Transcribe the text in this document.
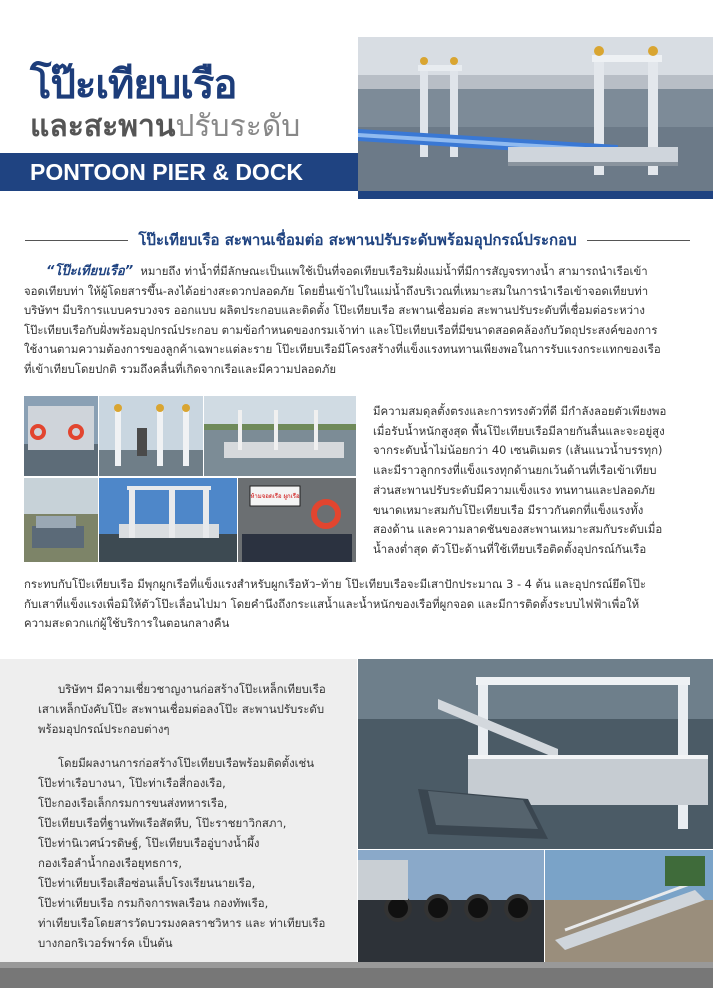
โป๊ะเทียบเรือ
และสะพานปรับระดับ
PONTOON PIER & DOCK LEVELER
โป๊ะเทียบเรือ สะพานเชื่อมต่อ สะพานปรับระดับพร้อมอุปกรณ์ประกอบ
“โป๊ะเทียบเรือ” หมายถึง ท่าน้ำที่มีลักษณะเป็นแพใช้เป็นที่จอดเทียบเรือริมฝั่งแม่น้ำที่มีการสัญจรทางน้ำ สามารถนำเรือเข้า
จอดเทียบท่า ให้ผู้โดยสารขึ้น-ลงได้อย่างสะดวกปลอดภัย โดยยื่นเข้าไปในแม่น้ำถึงบริเวณที่เหมาะสมในการนำเรือเข้าจอดเทียบท่า
บริษัทฯ มีบริการแบบครบวงจร ออกแบบ ผลิตประกอบและติดตั้ง โป๊ะเทียบเรือ สะพานเชื่อมต่อ สะพานปรับระดับที่เชื่อมต่อระหว่าง
โป๊ะเทียบเรือกับฝั่งพร้อมอุปกรณ์ประกอบ ตามข้อกำหนดของกรมเจ้าท่า และโป๊ะเทียบเรือที่มีขนาดสอดคล้องกับวัตถุประสงค์ของการ
ใช้งานตามความต้องการของลูกค้าเฉพาะแต่ละราย โป๊ะเทียบเรือมีโครงสร้างที่แข็งแรงทนทานเพียงพอในการรับแรงกระแทกของเรือ
ที่เข้าเทียบโดยปกติ รวมถึงคลื่นที่เกิดจากเรือและมีความปลอดภัย
ห้ามจอดเรือ ผูกเรือ
มีความสมดุลตั้งตรงและการทรงตัวที่ดี มีกำลังลอยตัวเพียงพอ
เมื่อรับน้ำหนักสูงสุด พื้นโป๊ะเทียบเรือมีลายกันลื่นและจะอยู่สูง
จากระดับน้ำไม่น้อยกว่า 40 เซนติเมตร (เส้นแนวน้ำบรรทุก)
และมีราวลูกกรงที่แข็งแรงทุกด้านยกเว้นด้านที่เรือเข้าเทียบ
ส่วนสะพานปรับระดับมีความแข็งแรง ทนทานและปลอดภัย
ขนาดเหมาะสมกับโป๊ะเทียบเรือ มีราวกันตกที่แข็งแรงทั้ง
สองด้าน และความลาดชันของสะพานเหมาะสมกับระดับเมื่อ
น้ำลงต่ำสุด ตัวโป๊ะด้านที่ใช้เทียบเรือติดตั้งอุปกรณ์กันเรือ
กระทบกับโป๊ะเทียบเรือ มีพุกผูกเรือที่แข็งแรงสำหรับผูกเรือหัว–ท้าย โป๊ะเทียบเรือจะมีเสาปักประมาณ 3 - 4 ต้น และอุปกรณ์ยึดโป๊ะ
กับเสาที่แข็งแรงเพื่อมิให้ตัวโป๊ะเลื่อนไปมา โดยคำนึงถึงกระแสน้ำและน้ำหนักของเรือที่ผูกจอด และมีการติดตั้งระบบไฟฟ้าเพื่อให้
ความสะดวกแก่ผู้ใช้บริการในตอนกลางคืน
บริษัทฯ มีความเชี่ยวชาญงานก่อสร้างโป๊ะเหล็กเทียบเรือ
เสาเหล็กบังคับโป๊ะ สะพานเชื่อมต่อลงโป๊ะ สะพานปรับระดับ
พร้อมอุปกรณ์ประกอบต่างๆ
โดยมีผลงานการก่อสร้างโป๊ะเทียบเรือพร้อมติดตั้งเช่น
โป๊ะท่าเรือบางนา, โป๊ะท่าเรือสี่กองเรือ,
โป๊ะกองเรือเล็กกรมการขนส่งทหารเรือ,
โป๊ะเทียบเรือที่ฐานทัพเรือสัตหีบ, โป๊ะราชยาวิกสภา,
โป๊ะท่านิเวศน์วรดิษฐ์, โป๊ะเทียบเรืออู่บางน้ำผึ้ง
กองเรือลำน้ำกองเรือยุทธการ,
โป๊ะท่าเทียบเรือเสือซ่อนเล็บโรงเรียนนายเรือ,
โป๊ะท่าเทียบเรือ กรมกิจการพลเรือน กองทัพเรือ,
ท่าเทียบเรือโดยสารวัดบวรมงคลราชวิหาร และ ท่าเทียบเรือ
บางกอกริเวอร์พาร์ค เป็นต้น
